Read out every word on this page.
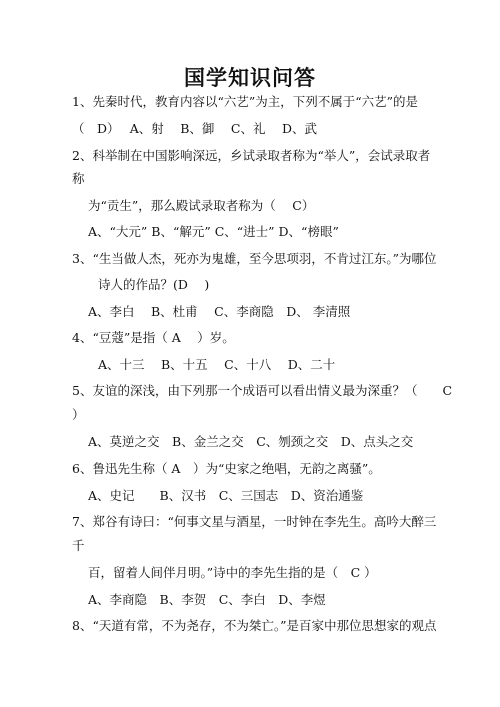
国学知识问答
1、先秦时代，教育内容以“六艺”为主，下列不属于“六艺”的是
（　D）　 A、射　 B、御　 C、礼　 D、武
2、科举制在中国影响深远，乡试录取者称为“举人”，会试录取者
称
为“贡生”，那么殿试录取者称为（　 C）
A、“大元” B、“解元” C、“进士” D、“榜眼”
3、“生当做人杰，死亦为鬼雄，至今思项羽，不肯过江东。”为哪位
诗人的作品？(D　 )
A、李白　 B、杜甫　 C、李商隐　D、 李清照
4、“豆蔻”是指（ A　 ）岁。
A、十三　 B、十五　 C、十八　 D、二十
5、友谊的深浅，由下列那一个成语可以看出情义最为深重？（　　C
）
A、莫逆之交　B、金兰之交　C、刎颈之交　D、点头之交
6、鲁迅先生称（ A　）为“史家之绝唱，无韵之离骚”。
A、史记　　B、汉书　C、三国志　D、资治通鉴
7、郑谷有诗曰：“何事文星与酒星，一时钟在李先生。高吟大醉三
千
百，留着人间伴月明。”诗中的李先生指的是（　C ）
A、李商隐　B、李贺　C、李白　D、李煜
8、“天道有常，不为尧存，不为桀亡。”是百家中那位思想家的观点
